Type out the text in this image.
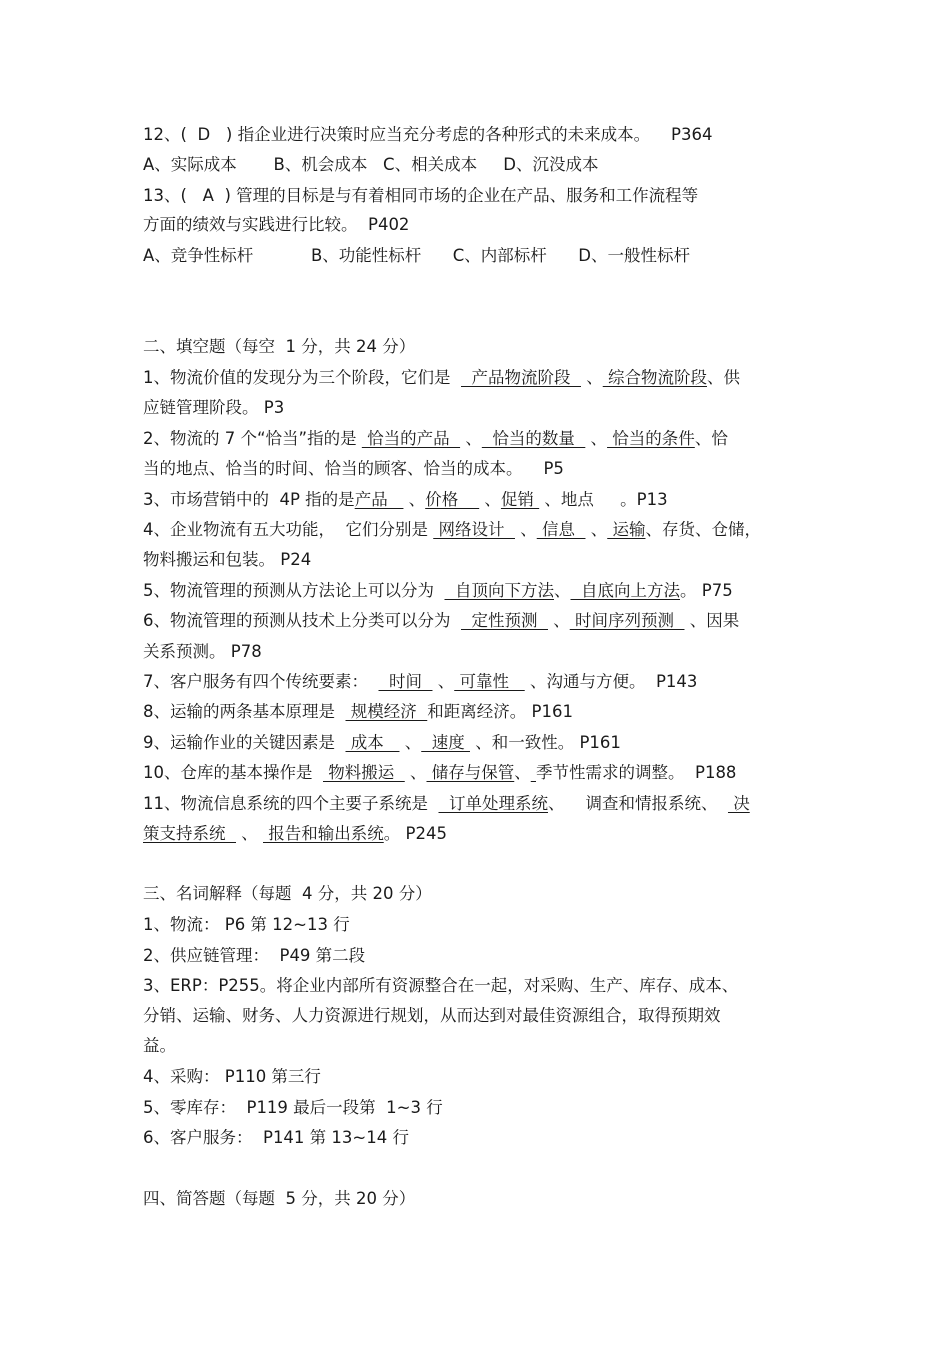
12、(  D   ) 指企业进行决策时应当充分考虑的各种形式的未来成本。    P364
A、实际成本       B、机会成本   C、相关成本     D、沉没成本
13、(   A  ) 管理的目标是与有着相同市场的企业在产品、服务和工作流程等
方面的绩效与实践进行比较。  P402
A、竞争性标杆           B、功能性标杆      C、内部标杆      D、一般性标杆
二、填空题（每空  1 分，共 24 分）
1、物流价值的发现分为三个阶段，它们是    产品物流阶段   、 综合物流阶段、供
应链管理阶段。 P3
2、物流的 7 个“恰当”指的是  恰当的产品   、  恰当的数量   、 恰当的条件、恰
当的地点、恰当的时间、恰当的顾客、恰当的成本。    P5
3、市场营销中的  4P 指的是产品    、价格     、促销  、地点     。P13
4、企业物流有五大功能，  它们分别是  网络设计   、 信息   、 运输、存货、仓储，
物料搬运和包装。 P24
5、物流管理的预测从方法论上可以分为    自顶向下方法、  自底向上方法。 P75
6、物流管理的预测从技术上分类可以分为    定性预测   、 时间序列预测   、因果
关系预测。 P78
7、客户服务有四个传统要素：    时间   、 可靠性    、沟通与方便。  P143
8、运输的两条基本原理是   规模经济  和距离经济。 P161
9、运输作业的关键因素是   成本    、  速度  、和一致性。 P161
10、仓库的基本操作是   物料搬运   、 储存与保管、 季节性需求的调整。  P188
11、物流信息系统的四个主要子系统是    订单处理系统、    调查和情报系统、   决
策支持系统   、  报告和输出系统。 P245
三、名词解释（每题  4 分，共 20 分）
1、物流： P6 第 12~13 行
2、供应链管理：  P49 第二段
3、ERP：P255。将企业内部所有资源整合在一起，对采购、生产、库存、成本、
分销、运输、财务、人力资源进行规划，从而达到对最佳资源组合，取得预期效
益。
4、采购： P110 第三行
5、零库存：  P119 最后一段第  1~3 行
6、客户服务：  P141 第 13~14 行
四、简答题（每题  5 分，共 20 分）
